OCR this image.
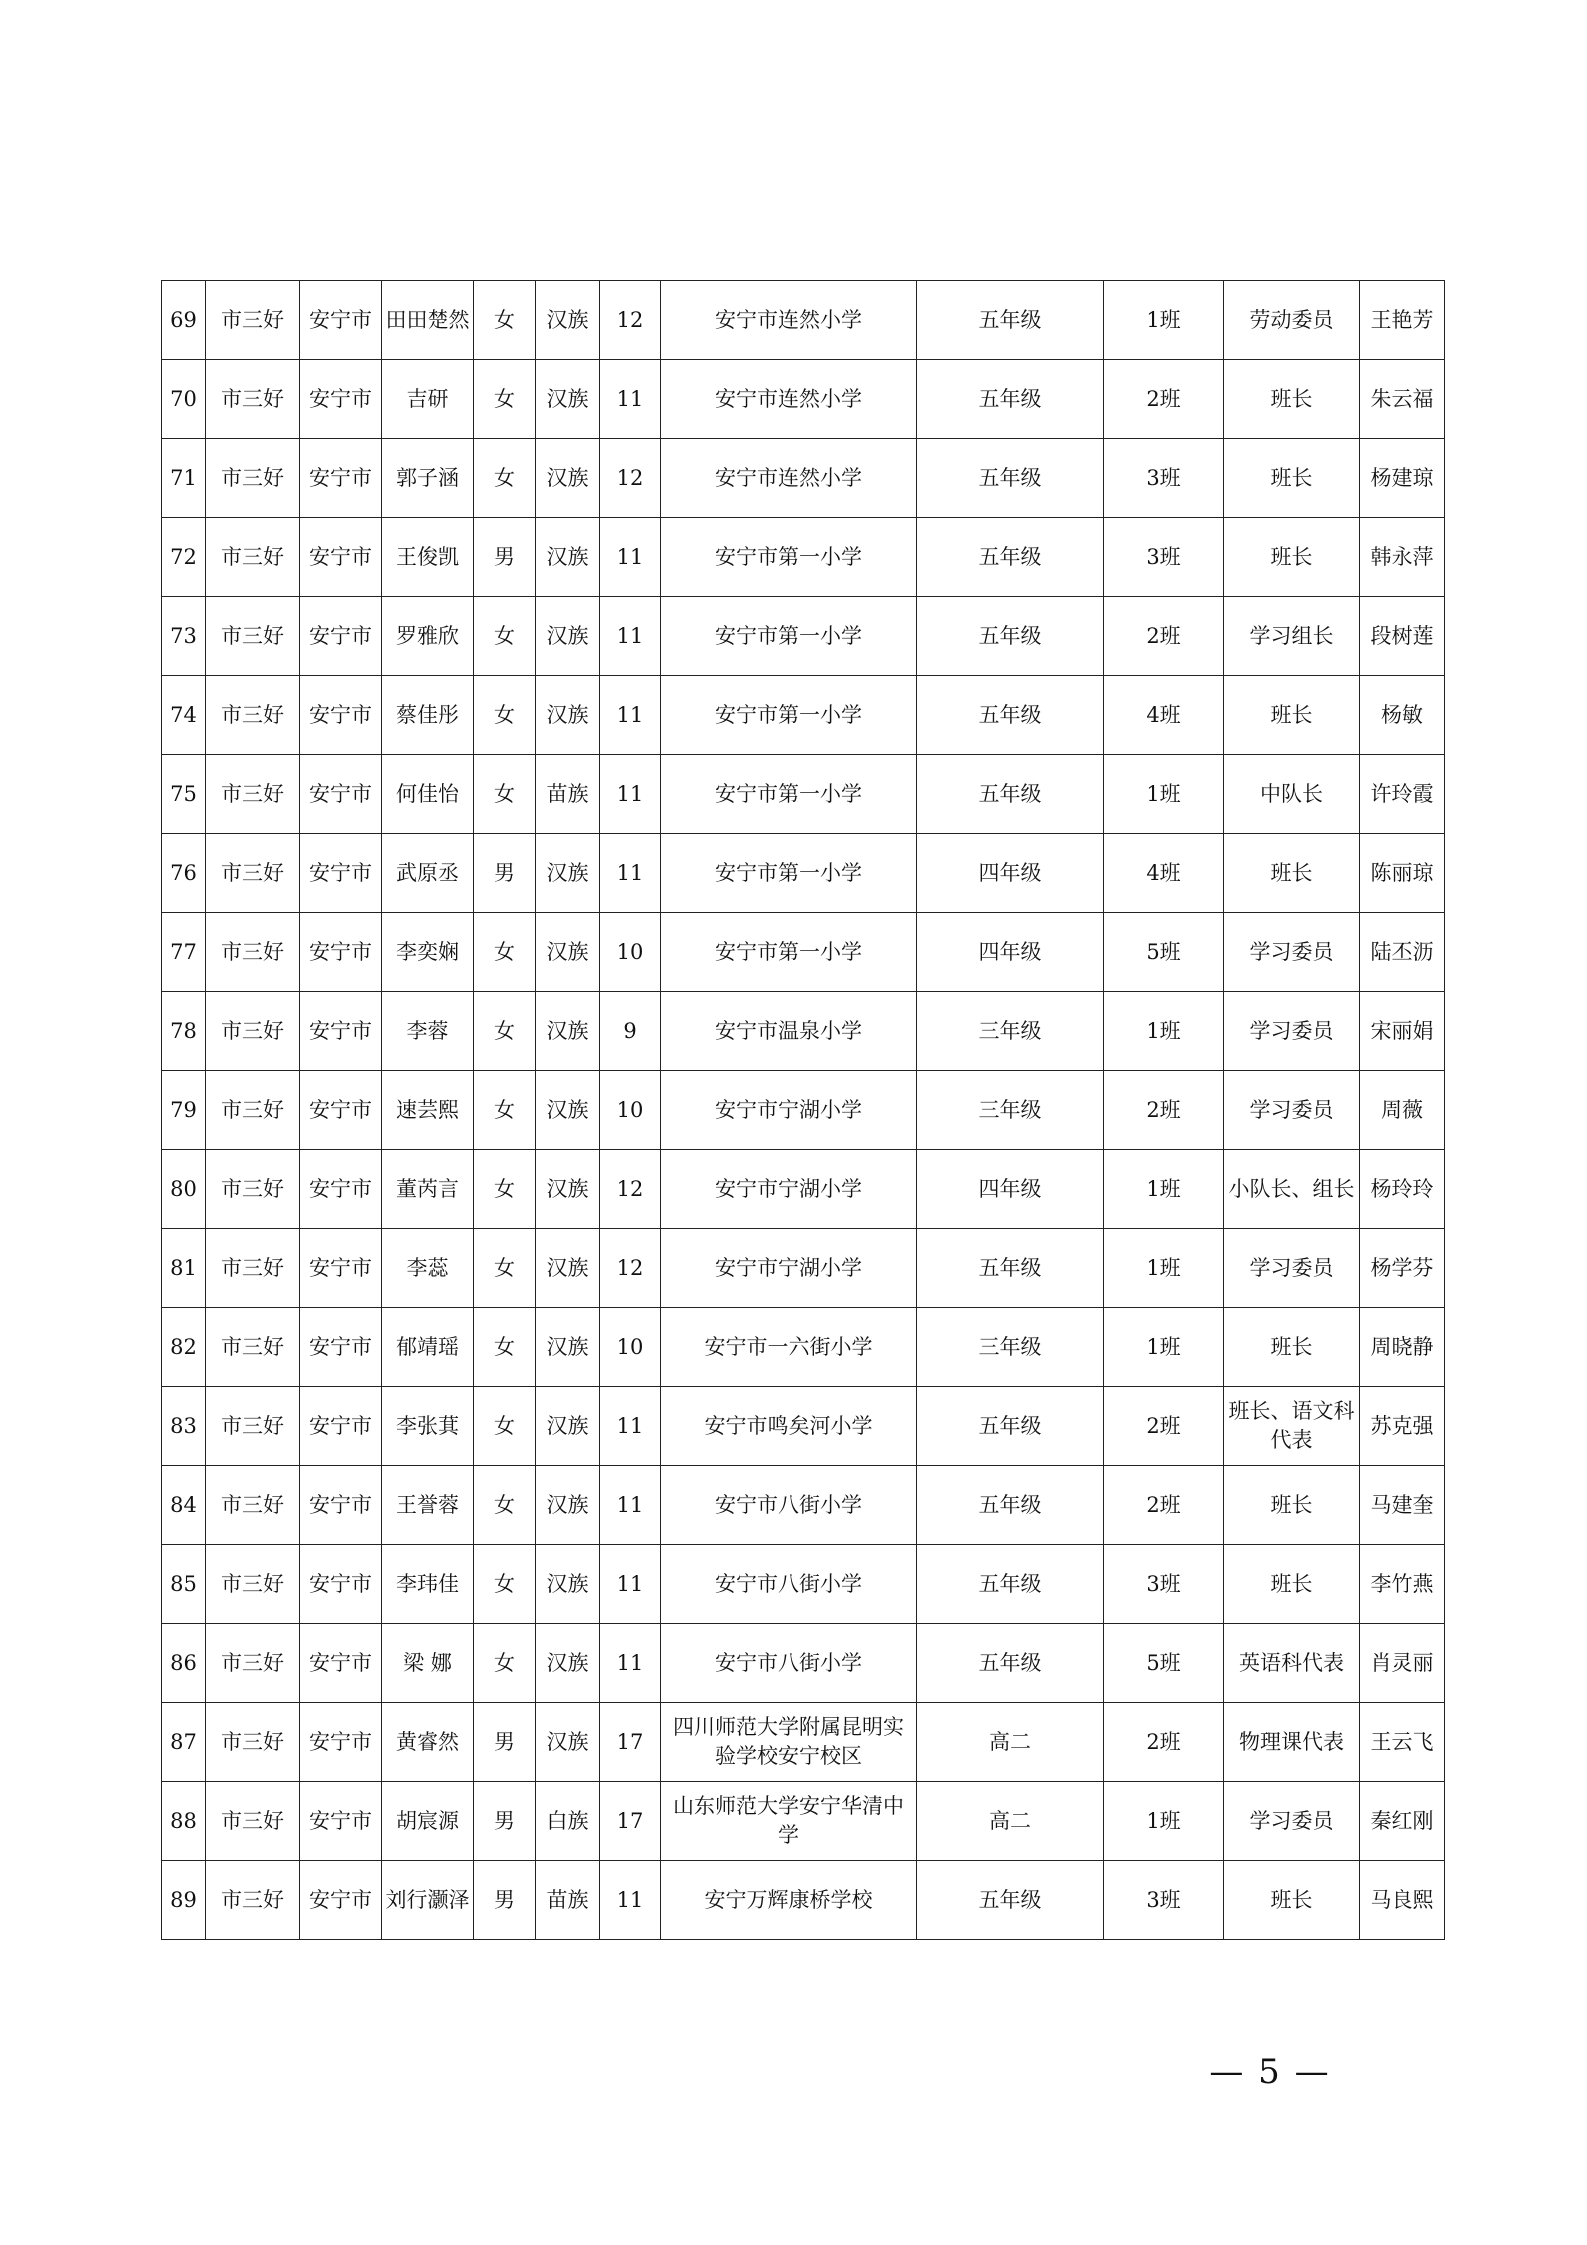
69	市三好	安宁市	田田楚然	女	汉族	12	安宁市连然小学	五年级	1班	劳动委员	王艳芳
70	市三好	安宁市	吉研	女	汉族	11	安宁市连然小学	五年级	2班	班长	朱云福
71	市三好	安宁市	郭子涵	女	汉族	12	安宁市连然小学	五年级	3班	班长	杨建琼
72	市三好	安宁市	王俊凯	男	汉族	11	安宁市第一小学	五年级	3班	班长	韩永萍
73	市三好	安宁市	罗雅欣	女	汉族	11	安宁市第一小学	五年级	2班	学习组长	段树莲
74	市三好	安宁市	蔡佳彤	女	汉族	11	安宁市第一小学	五年级	4班	班长	杨敏
75	市三好	安宁市	何佳怡	女	苗族	11	安宁市第一小学	五年级	1班	中队长	许玲霞
76	市三好	安宁市	武原丞	男	汉族	11	安宁市第一小学	四年级	4班	班长	陈丽琼
77	市三好	安宁市	李奕娴	女	汉族	10	安宁市第一小学	四年级	5班	学习委员	陆丕沥
78	市三好	安宁市	李蓉	女	汉族	9	安宁市温泉小学	三年级	1班	学习委员	宋丽娟
79	市三好	安宁市	速芸熙	女	汉族	10	安宁市宁湖小学	三年级	2班	学习委员	周薇
80	市三好	安宁市	董芮言	女	汉族	12	安宁市宁湖小学	四年级	1班	小队长、组长	杨玲玲
81	市三好	安宁市	李蕊	女	汉族	12	安宁市宁湖小学	五年级	1班	学习委员	杨学芬
82	市三好	安宁市	郁靖瑶	女	汉族	10	安宁市一六街小学	三年级	1班	班长	周晓静
83	市三好	安宁市	李张萁	女	汉族	11	安宁市鸣矣河小学	五年级	2班	班长、语文科代表	苏克强
84	市三好	安宁市	王誉蓉	女	汉族	11	安宁市八街小学	五年级	2班	班长	马建奎
85	市三好	安宁市	李玮佳	女	汉族	11	安宁市八街小学	五年级	3班	班长	李竹燕
86	市三好	安宁市	梁 娜	女	汉族	11	安宁市八街小学	五年级	5班	英语科代表	肖灵丽
87	市三好	安宁市	黄睿然	男	汉族	17	四川师范大学附属昆明实验学校安宁校区	高二	2班	物理课代表	王云飞
88	市三好	安宁市	胡宸源	男	白族	17	山东师范大学安宁华清中学	高二	1班	学习委员	秦红刚
89	市三好	安宁市	刘行灏泽	男	苗族	11	安宁万辉康桥学校	五年级	3班	班长	马良熙
— 5 —
